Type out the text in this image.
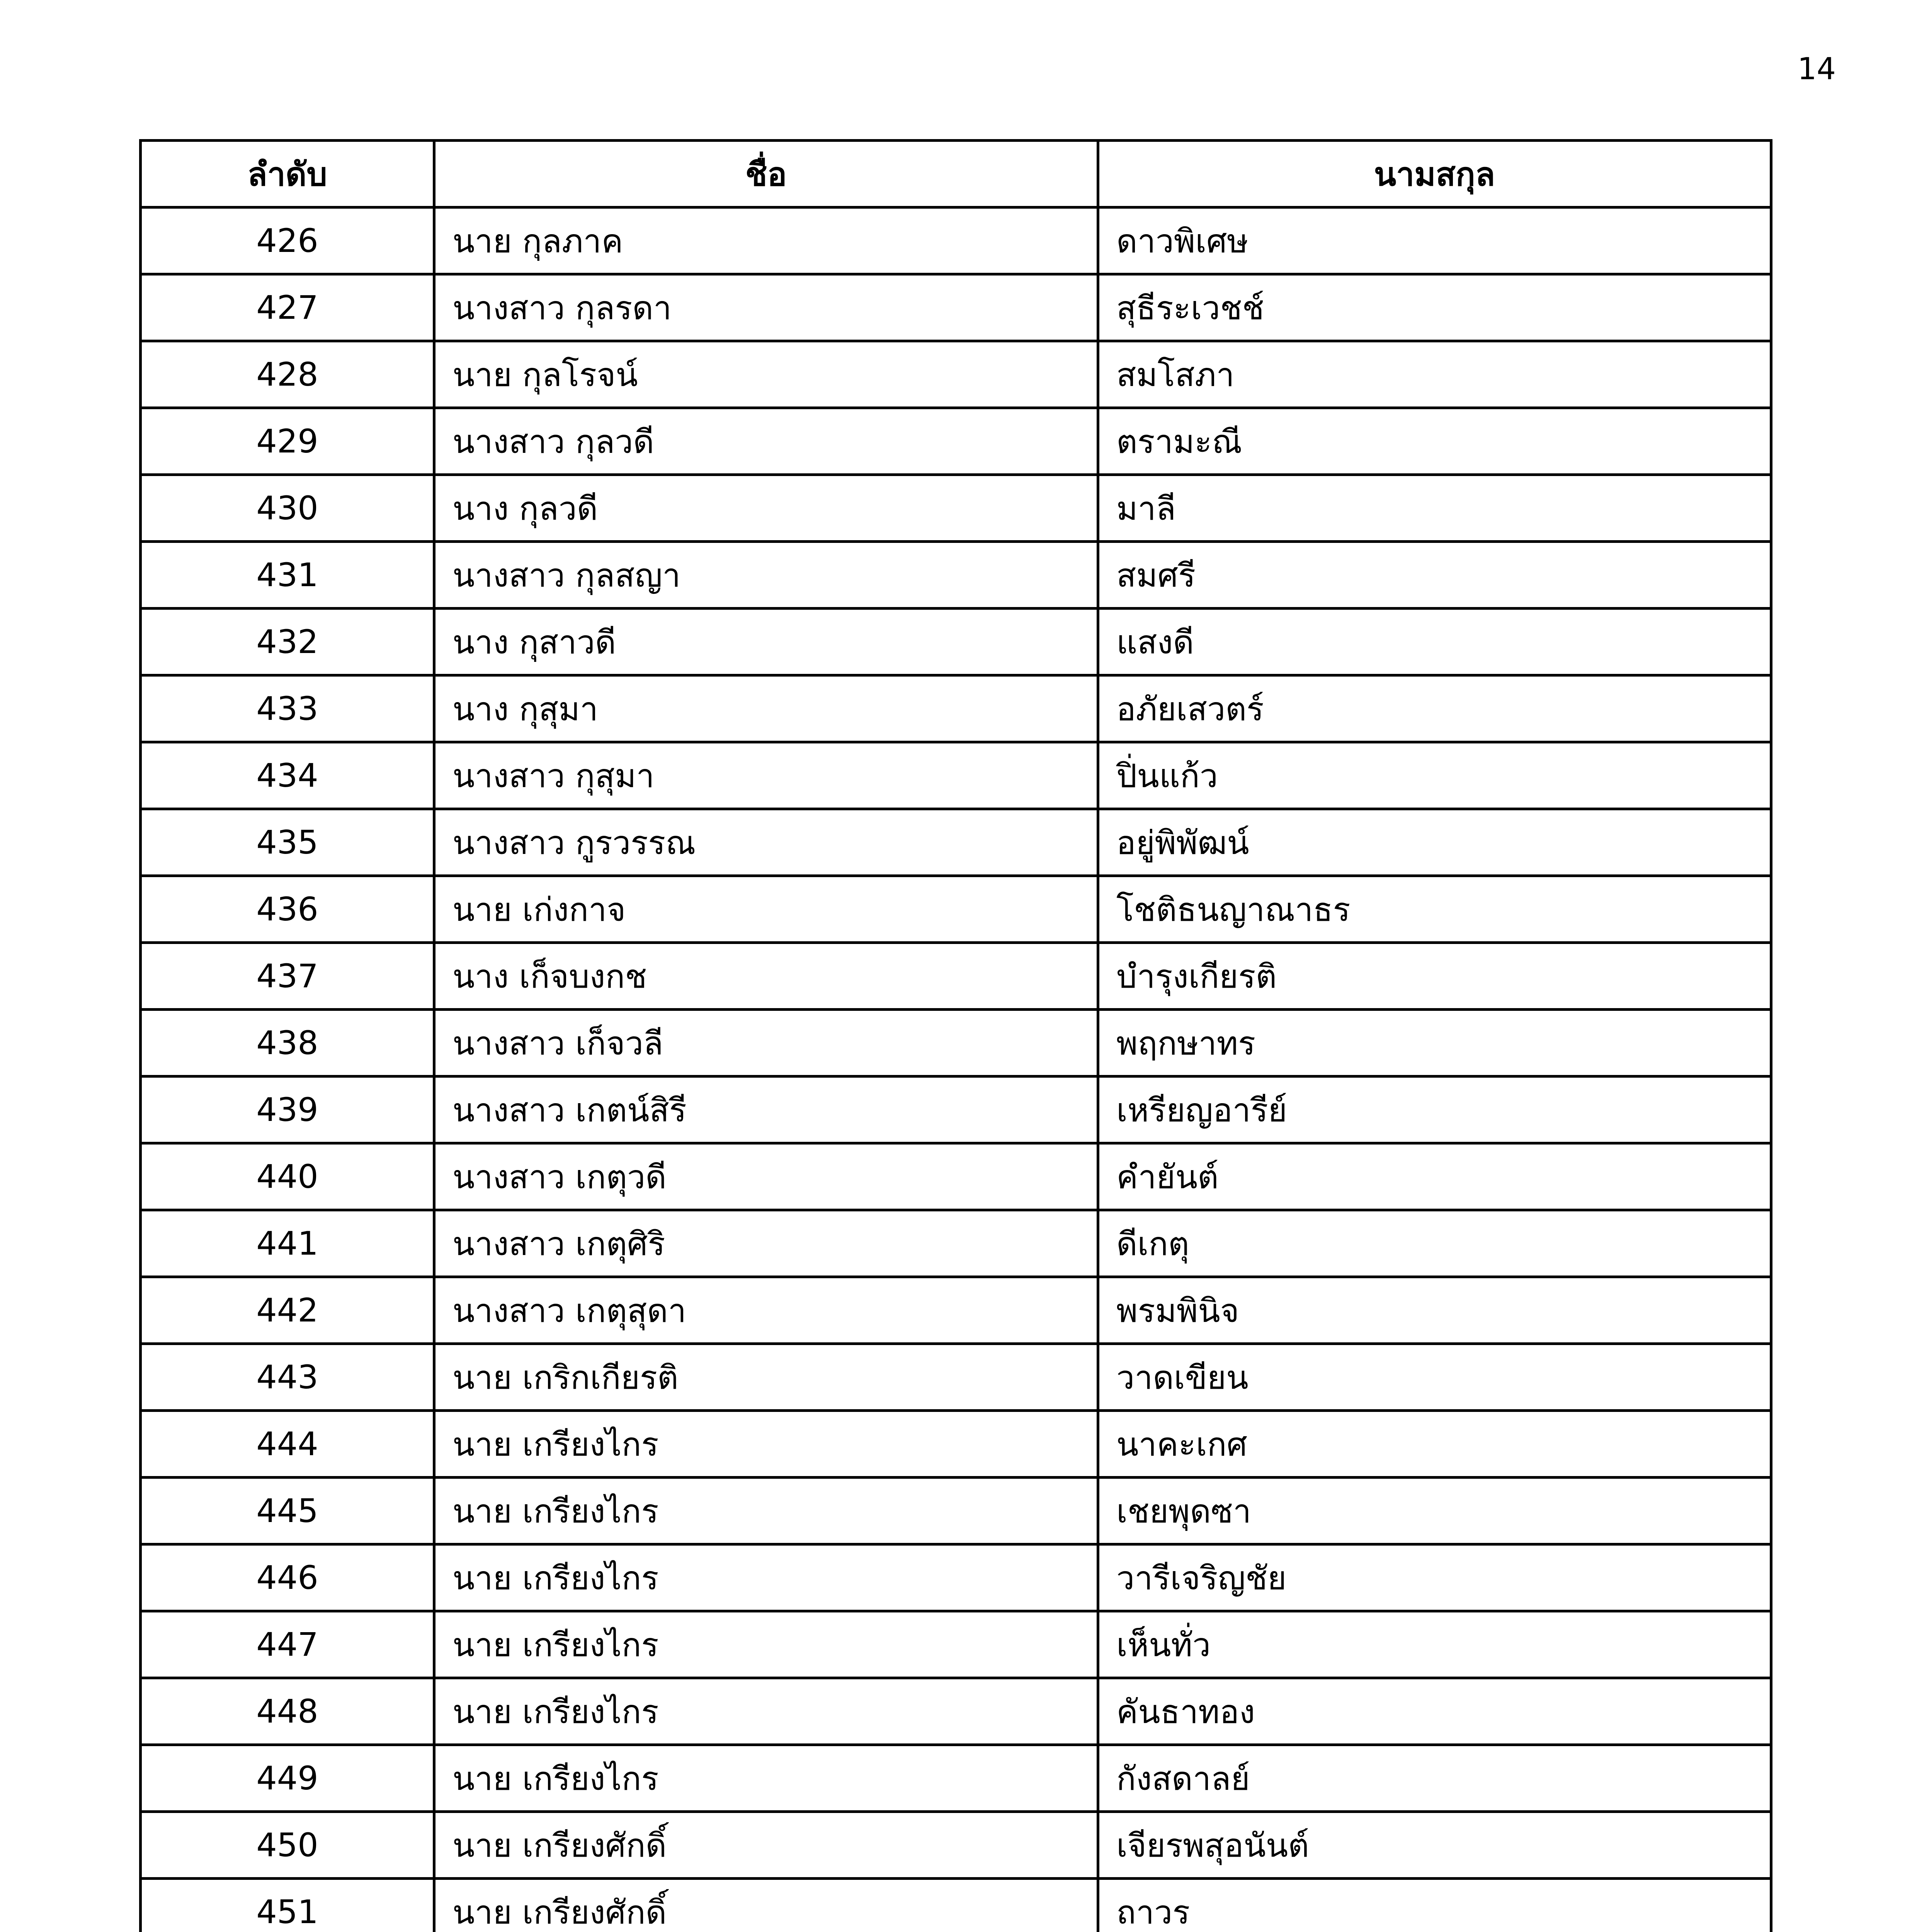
14
ลำดับ	ชื่อ	นามสกุล
426	นาย กุลภาค	ดาวพิเศษ
427	นางสาว กุลรดา	สุธีระเวชช์
428	นาย กุลโรจน์	สมโสภา
429	นางสาว กุลวดี	ตรามะณี
430	นาง กุลวดี	มาลี
431	นางสาว กุลสญา	สมศรี
432	นาง กุสาวดี	แสงดี
433	นาง กุสุมา	อภัยเสวตร์
434	นางสาว กุสุมา	ปิ่นแก้ว
435	นางสาว กูรวรรณ	อยู่พิพัฒน์
436	นาย เก่งกาจ	โชติธนญาณาธร
437	นาง เก็จบงกช	บำรุงเกียรติ
438	นางสาว เก็จวลี	พฤกษาทร
439	นางสาว เกตน์สิรี	เหรียญอารีย์
440	นางสาว เกตุวดี	คำยันต์
441	นางสาว เกตุศิริ	ดีเกตุ
442	นางสาว เกตุสุดา	พรมพินิจ
443	นาย เกริกเกียรติ	วาดเขียน
444	นาย เกรียงไกร	นาคะเกศ
445	นาย เกรียงไกร	เชยพุดซา
446	นาย เกรียงไกร	วารีเจริญชัย
447	นาย เกรียงไกร	เห็นทั่ว
448	นาย เกรียงไกร	คันธาทอง
449	นาย เกรียงไกร	กังสดาลย์
450	นาย เกรียงศักดิ์	เจียรพสุอนันต์
451	นาย เกรียงศักดิ์	ถาวร
